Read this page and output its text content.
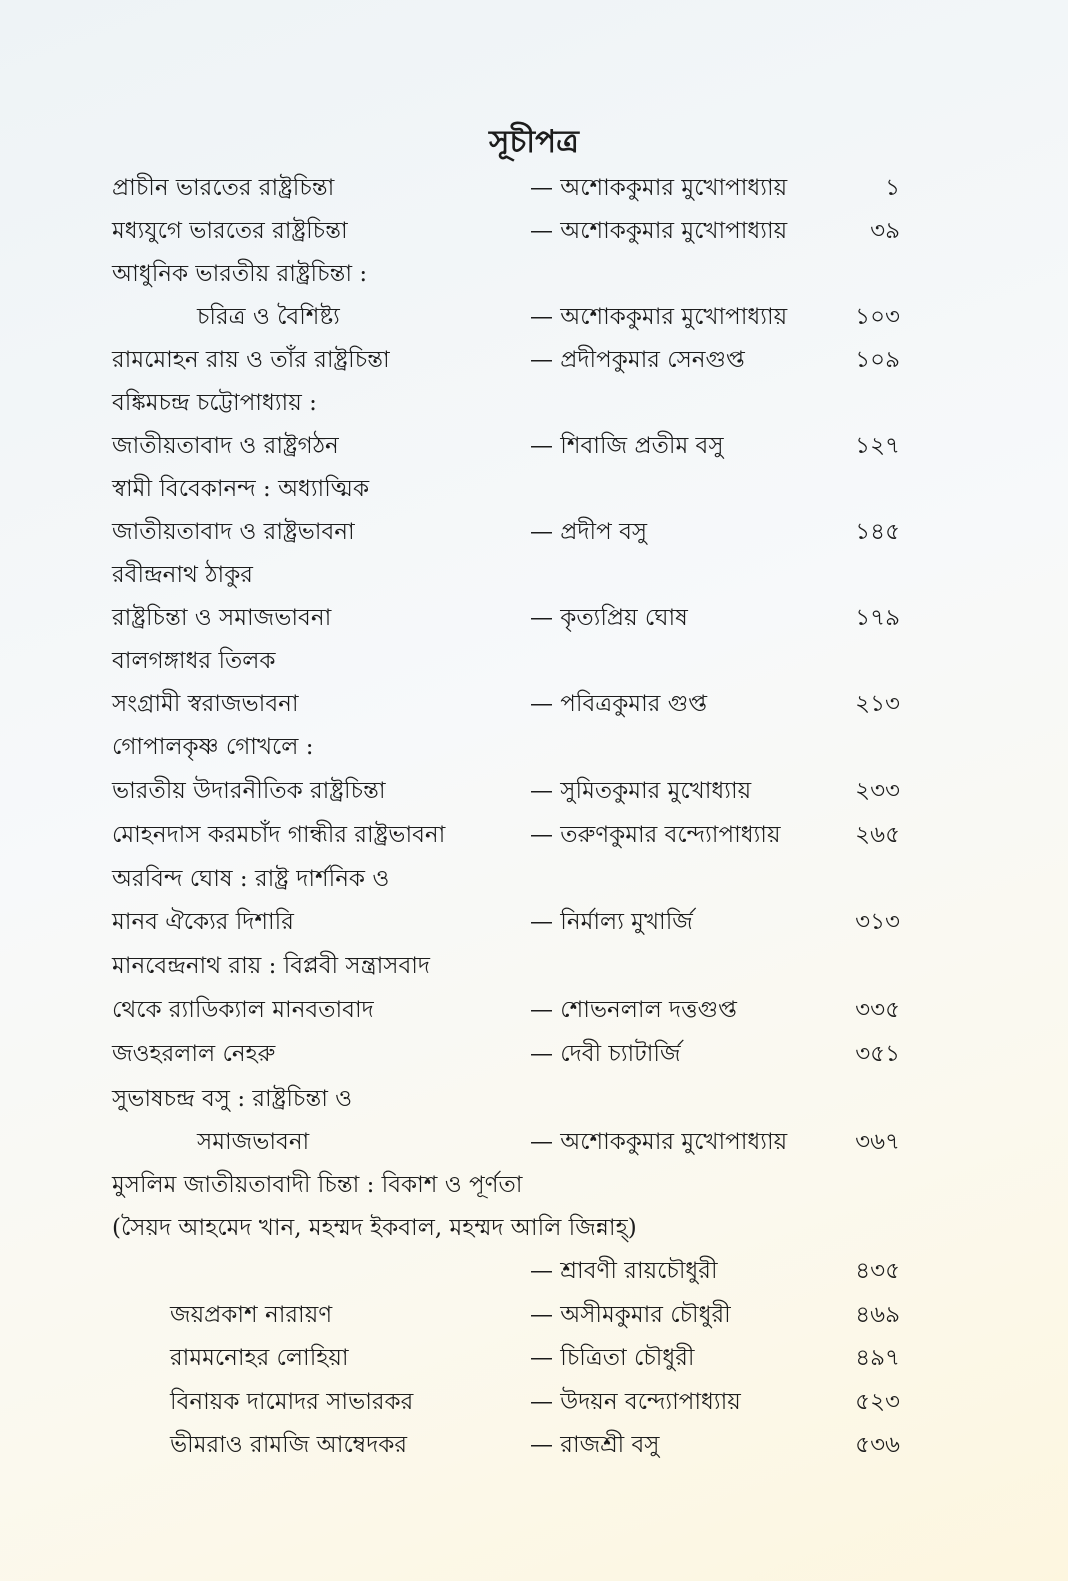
সূচীপত্র
প্রাচীন ভারতের রাষ্ট্রচিন্তা	— অশোককুমার মুখোপাধ্যায়	১
মধ্যযুগে ভারতের রাষ্ট্রচিন্তা	— অশোককুমার মুখোপাধ্যায়	৩৯
আধুনিক ভারতীয় রাষ্ট্রচিন্তা :
চরিত্র ও বৈশিষ্ট্য	— অশোককুমার মুখোপাধ্যায়	১০৩
রামমোহন রায় ও তাঁর রাষ্ট্রচিন্তা	— প্রদীপকুমার সেনগুপ্ত	১০৯
বঙ্কিমচন্দ্র চট্টোপাধ্যায় :
জাতীয়তাবাদ ও রাষ্ট্রগঠন	— শিবাজি প্রতীম বসু	১২৭
স্বামী বিবেকানন্দ : অধ্যাত্মিক
জাতীয়তাবাদ ও রাষ্ট্রভাবনা	— প্রদীপ বসু	১৪৫
রবীন্দ্রনাথ ঠাকুর
রাষ্ট্রচিন্তা ও সমাজভাবনা	— কৃত্যপ্রিয় ঘোষ	১৭৯
বালগঙ্গাধর তিলক
সংগ্রামী স্বরাজভাবনা	— পবিত্রকুমার গুপ্ত	২১৩
গোপালকৃষ্ণ গোখলে :
ভারতীয় উদারনীতিক রাষ্ট্রচিন্তা	— সুমিতকুমার মুখোধ্যায়	২৩৩
মোহনদাস করমচাঁদ গান্ধীর রাষ্ট্রভাবনা	— তরুণকুমার বন্দ্যোপাধ্যায়	২৬৫
অরবিন্দ ঘোষ : রাষ্ট্র দার্শনিক ও
মানব ঐক্যের দিশারি	— নির্মাল্য মুখার্জি	৩১৩
মানবেন্দ্রনাথ রায় : বিপ্লবী সন্ত্রাসবাদ
থেকে র‍্যাডিক্যাল মানবতাবাদ	— শোভনলাল দত্তগুপ্ত	৩৩৫
জওহরলাল নেহরু	— দেবী চ্যাটার্জি	৩৫১
সুভাষচন্দ্র বসু : রাষ্ট্রচিন্তা ও
সমাজভাবনা	— অশোককুমার মুখোপাধ্যায়	৩৬৭
মুসলিম জাতীয়তাবাদী চিন্তা : বিকাশ ও পূর্ণতা
(সৈয়দ আহমেদ খান, মহম্মদ ইকবাল, মহম্মদ আলি জিন্নাহ্)
— শ্রাবণী রায়চৌধুরী	৪৩৫
জয়প্রকাশ নারায়ণ	— অসীমকুমার চৌধুরী	৪৬৯
রামমনোহর লোহিয়া	— চিত্রিতা চৌধুরী	৪৯৭
বিনায়ক দামোদর সাভারকর	— উদয়ন বন্দ্যোপাধ্যায়	৫২৩
ভীমরাও রামজি আম্বেদকর	— রাজশ্রী বসু	৫৩৬
